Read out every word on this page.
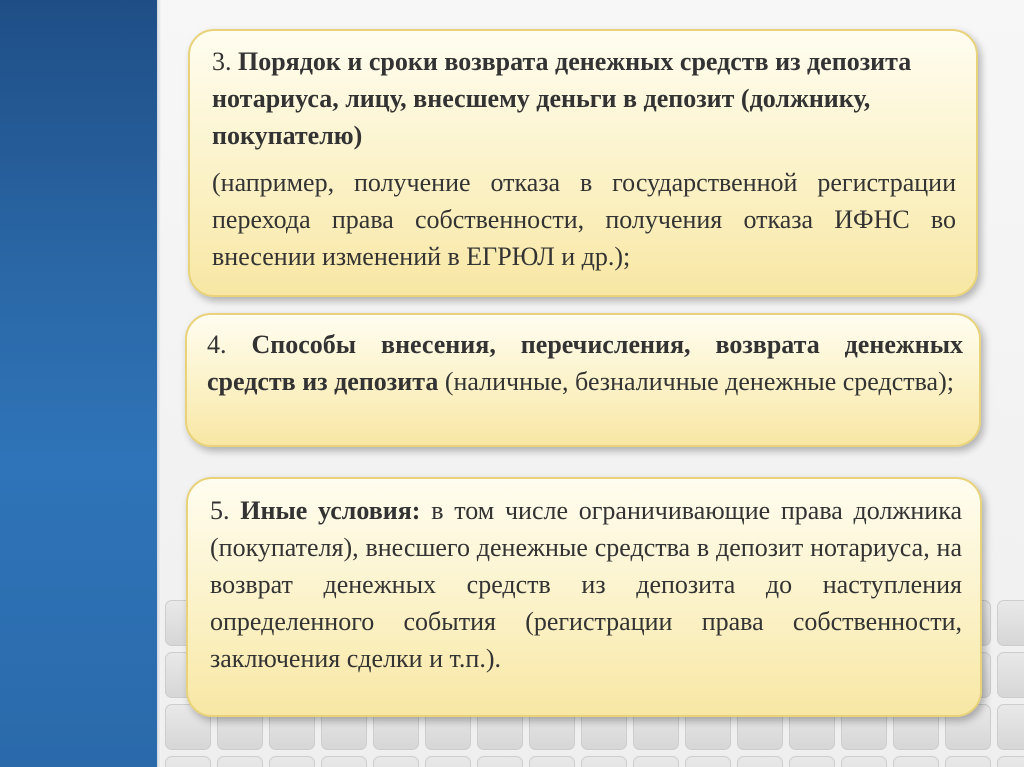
3. Порядок и сроки возврата денежных средств из депозита нотариуса, лицу, внесшему деньги в депозит (должнику, покупателю)

(например, получение отказа в государственной регистрации перехода права собственности, получения отказа ИФНС во внесении изменений в ЕГРЮЛ и др.);

4. Способы внесения, перечисления, возврата денежных средств из депозита (наличные, безналичные денежные средства);

5. Иные условия: в том числе ограничивающие права должника (покупателя), внесшего денежные средства в депозит нотариуса, на возврат денежных средств из депозита до наступления определенного события (регистрации права собственности, заключения сделки и т.п.).
